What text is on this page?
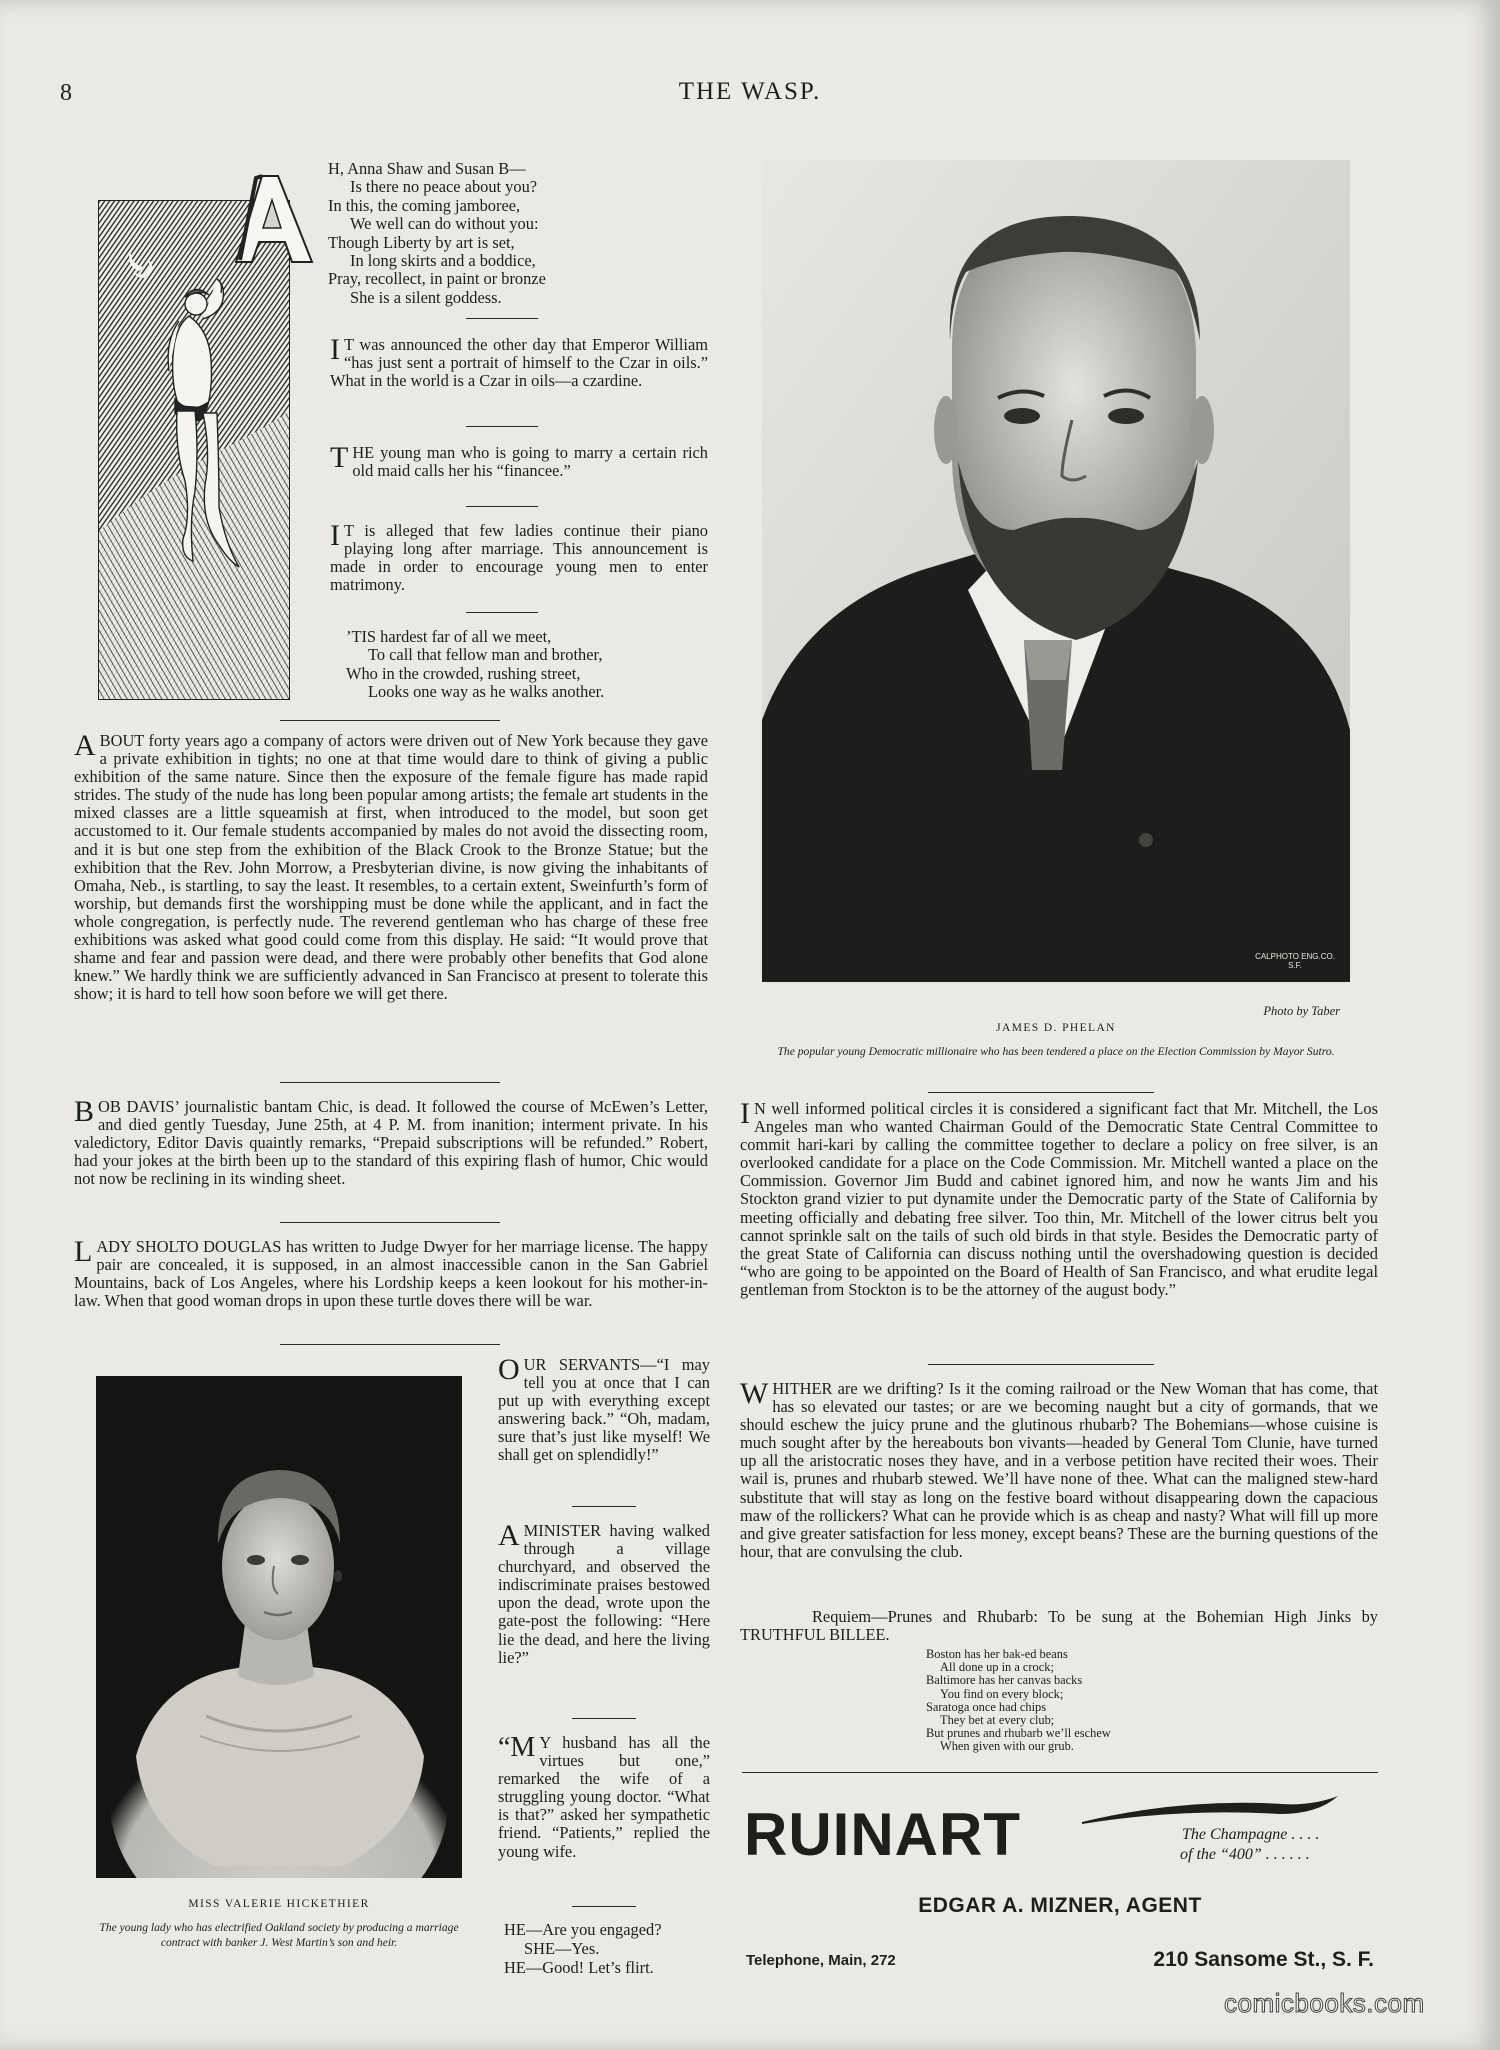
8	THE WASP.
H, Anna Shaw and Susan B—
Is there no peace about you?
In this, the coming jamboree,
We well can do without you:
Though Liberty by art is set,
In long skirts and a boddice,
Pray, recollect, in paint or bronze
She is a silent goddess.
I T was announced the other day that Emperor William “has just sent a portrait of himself to the Czar in oils.” What in the world is a Czar in oils—a czardine.
THE young man who is going to marry a certain rich old maid calls her his “financee.”
I T is alleged that few ladies continue their piano playing long after marriage. This announcement is made in order to encourage young men to enter matrimony.
’TIS hardest far of all we meet,
To call that fellow man and brother,
Who in the crowded, rushing street,
Looks one way as he walks another.
ABOUT forty years ago a company of actors were driven out of New York because they gave a private exhibition in tights; no one at that time would dare to think of giving a public exhibition of the same nature. Since then the exposure of the female figure has made rapid strides. The study of the nude has long been popular among artists; the female art students in the mixed classes are a little squeamish at first, when introduced to the model, but soon get accustomed to it. Our female students accompanied by males do not avoid the dissecting room, and it is but one step from the exhibition of the Black Crook to the Bronze Statue; but the exhibition that the Rev. John Morrow, a Presbyterian divine, is now giving the inhabitants of Omaha, Neb., is startling, to say the least. It resembles, to a certain extent, Sweinfurth’s form of worship, but demands first the worshipping must be done while the applicant, and in fact the whole congregation, is perfectly nude. The reverend gentleman who has charge of these free exhibitions was asked what good could come from this display. He said: “It would prove that shame and fear and passion were dead, and there were probably other benefits that God alone knew.” We hardly think we are sufficiently advanced in San Francisco at present to tolerate this show; it is hard to tell how soon before we will get there.
BOB DAVIS’ journalistic bantam Chic, is dead. It followed the course of McEwen’s Letter, and died gently Tuesday, June 25th, at 4 P. M. from inanition; interment private. In his valedictory, Editor Davis quaintly remarks, “Prepaid subscriptions will be refunded.” Robert, had your jokes at the birth been up to the standard of this expiring flash of humor, Chic would not now be reclining in its winding sheet.
LADY SHOLTO DOUGLAS has written to Judge Dwyer for her marriage license. The happy pair are concealed, it is supposed, in an almost inaccessible canon in the San Gabriel Mountains, back of Los Angeles, where his Lordship keeps a keen lookout for his mother-in-law. When that good woman drops in upon these turtle doves there will be war.
MISS VALERIE HICKETHIER
The young lady who has electrified Oakland society by producing a marriage contract with banker J. West Martin’s son and heir.
OUR SERVANTS—“I may tell you at once that I can put up with everything except answering back.” “Oh, madam, sure that’s just like myself! We shall get on splendidly!”
AMINISTER having walked through a village churchyard, and observed the indiscriminate praises bestowed upon the dead, wrote upon the gate-post the following: “Here lie the dead, and here the living lie?”
“M Y husband has all the virtues but one,” remarked the wife of a struggling young doctor. “What is that?” asked her sympathetic friend. “Patients,” replied the young wife.
HE—Are you engaged?
SHE—Yes.
HE—Good! Let’s flirt.
CALPHOTO ENG.CO. S.F.
Photo by Taber
JAMES D. PHELAN
The popular young Democratic millionaire who has been tendered a place on the Election Commission by Mayor Sutro.
I N well informed political circles it is considered a significant fact that Mr. Mitchell, the Los Angeles man who wanted Chairman Gould of the Democratic State Central Committee to commit hari-kari by calling the committee together to declare a policy on free silver, is an overlooked candidate for a place on the Code Commission. Mr. Mitchell wanted a place on the Commission. Governor Jim Budd and cabinet ignored him, and now he wants Jim and his Stockton grand vizier to put dynamite under the Democratic party of the State of California by meeting officially and debating free silver. Too thin, Mr. Mitchell of the lower citrus belt you cannot sprinkle salt on the tails of such old birds in that style. Besides the Democratic party of the great State of California can discuss nothing until the overshadowing question is decided “who are going to be appointed on the Board of Health of San Francisco, and what erudite legal gentleman from Stockton is to be the attorney of the august body.”
WHITHER are we drifting? Is it the coming railroad or the New Woman that has come, that has so elevated our tastes; or are we becoming naught but a city of gormands, that we should eschew the juicy prune and the glutinous rhubarb? The Bohemians—whose cuisine is much sought after by the hereabouts bon vivants—headed by General Tom Clunie, have turned up all the aristocratic noses they have, and in a verbose petition have recited their woes. Their wail is, prunes and rhubarb stewed. We’ll have none of thee. What can the maligned stew-hard substitute that will stay as long on the festive board without disappearing down the capacious maw of the rollickers? What can he provide which is as cheap and nasty? What will fill up more and give greater satisfaction for less money, except beans? These are the burning questions of the hour, that are convulsing the club.
Requiem—Prunes and Rhubarb: To be sung at the Bohemian High Jinks by TRUTHFUL BILLEE.
Boston has her bak-ed beans
All done up in a crock;
Baltimore has her canvas backs
You find on every block;
Saratoga once had chips
They bet at every club;
But prunes and rhubarb we’ll eschew
When given with our grub.
RUINART	The Champagne . . . .
of the “400” . . . . . .
EDGAR A. MIZNER, AGENT
Telephone, Main, 272	210 Sansome St., S. F.
comicbooks.com
